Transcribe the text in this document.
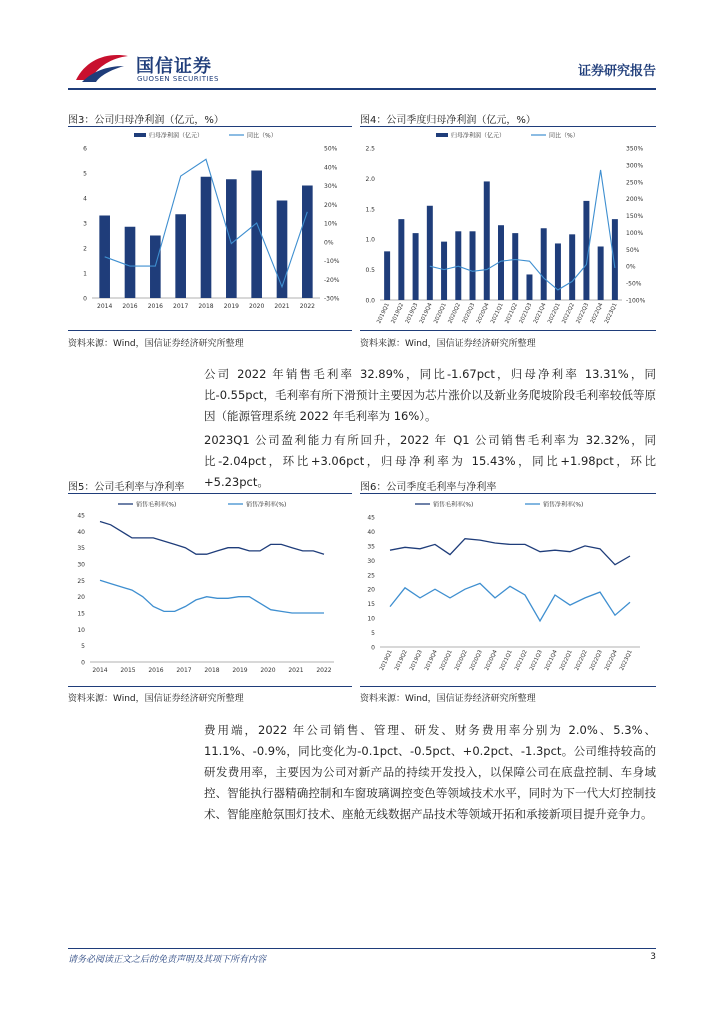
国信证券
GUOSEN SECURITIES	证券研究报告
图3：公司归母净利润（亿元，%）
0
1
2
3
4
5
6
-30%
-20%
-10%
0%
10%
20%
30%
40%
50%
归母净利润（亿元）	同比（%）
2014 2016 2016 2017 2018 2019 2020 2021 2022
资料来源：Wind，国信证券经济研究所整理
图4：公司季度归母净利润（亿元，%）
0.0
0.5
1.0
1.5
2.0
2.5
-100%
-50%
0%
50%
100%
150%
200%
250%
300%
350%
归母净利润（亿元）	同比（%）
2019Q1 2019Q2 2019Q3 2019Q4 2020Q1 2020Q2 2020Q3 2020Q4 2021Q1 2021Q2 2021Q3 2021Q4 2022Q1 2022Q2 2022Q3 2022Q4 2023Q1
资料来源：Wind，国信证券经济研究所整理
公司 2022 年销售毛利率 32.89%，同比-1.67pct，归母净利率 13.31%，同比-0.55pct，毛利率有所下滑预计主要因为芯片涨价以及新业务爬坡阶段毛利率较低等原因（能源管理系统 2022 年毛利率为 16%）。
2023Q1 公司盈利能力有所回升，2022 年 Q1 公司销售毛利率为 32.32%，同比-2.04pct，环比+3.06pct，归母净利率为 15.43%，同比+1.98pct，环比+5.23pct。
图5：公司毛利率与净利率
0
5
10
15
20
25
30
35
40
45
销售毛利率(%)	销售净利率(%)
2014 2015 2016 2017 2018 2019 2020 2021 2022
资料来源：Wind，国信证券经济研究所整理
图6：公司季度毛利率与净利率
0
5
10
15
20
25
30
35
40
45
销售毛利率(%)	销售净利率(%)
2019Q1 2019Q2 2019Q3 2019Q4 2020Q1 2020Q2 2020Q3 2020Q4 2021Q1 2021Q2 2021Q3 2021Q4 2022Q1 2022Q2 2022Q3 2022Q4 2023Q1
资料来源：Wind，国信证券经济研究所整理
费用端，2022 年公司销售、管理、研发、财务费用率分别为 2.0%、5.3%、11.1%、-0.9%，同比变化为-0.1pct、-0.5pct、+0.2pct、-1.3pct。公司维持较高的研发费用率，主要因为公司对新产品的持续开发投入，以保障公司在底盘控制、车身域控、智能执行器精确控制和车窗玻璃调控变色等领域技术水平，同时为下一代大灯控制技术、智能座舱氛围灯技术、座舱无线数据产品技术等领域开拓和承接新项目提升竞争力。
请务必阅读正文之后的免责声明及其项下所有内容	3
